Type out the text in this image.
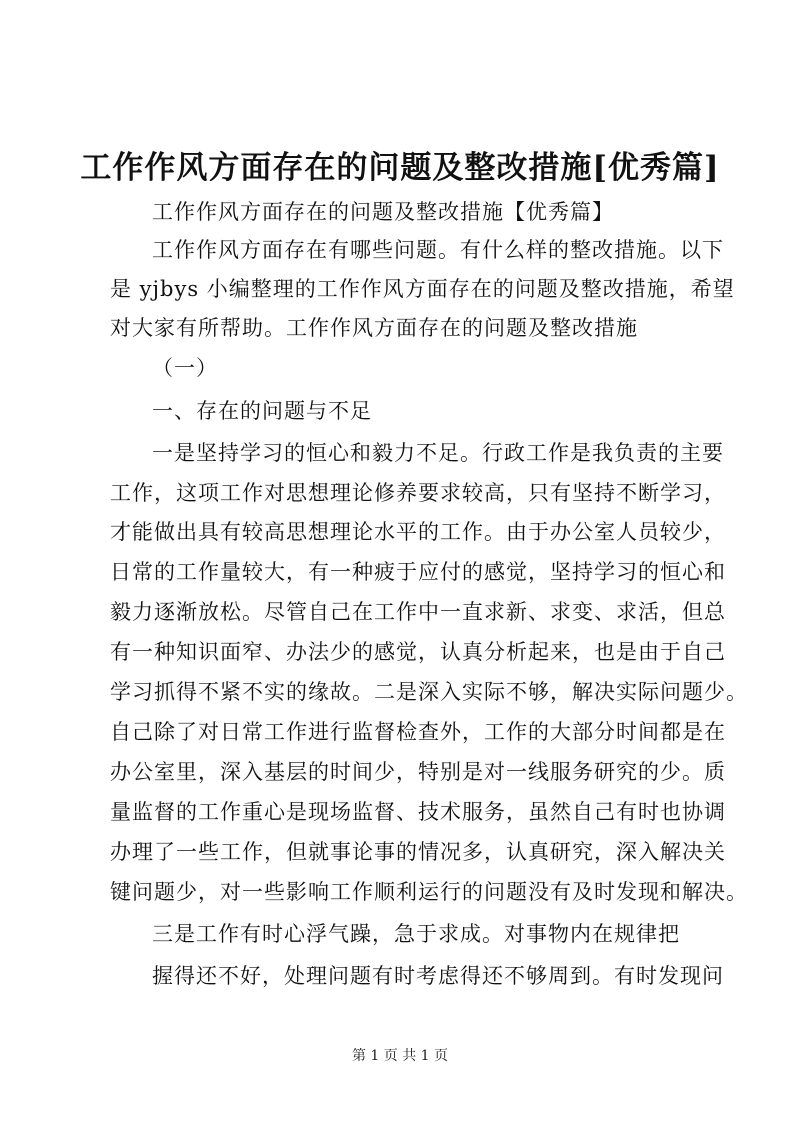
工作作风方面存在的问题及整改措施[优秀篇]

工作作风方面存在的问题及整改措施【优秀篇】

工作作风方面存在有哪些问题。有什么样的整改措施。以下

是 yjbys 小编整理的工作作风方面存在的问题及整改措施，希望

对大家有所帮助。工作作风方面存在的问题及整改措施

（一）

一、存在的问题与不足

一是坚持学习的恒心和毅力不足。行政工作是我负责的主要

工作，这项工作对思想理论修养要求较高，只有坚持不断学习，

才能做出具有较高思想理论水平的工作。由于办公室人员较少，

日常的工作量较大，有一种疲于应付的感觉，坚持学习的恒心和

毅力逐渐放松。尽管自己在工作中一直求新、求变、求活，但总

有一种知识面窄、办法少的感觉，认真分析起来，也是由于自己

学习抓得不紧不实的缘故。二是深入实际不够，解决实际问题少。

自己除了对日常工作进行监督检查外，工作的大部分时间都是在

办公室里，深入基层的时间少，特别是对一线服务研究的少。质

量监督的工作重心是现场监督、技术服务，虽然自己有时也协调

办理了一些工作，但就事论事的情况多，认真研究，深入解决关

键问题少，对一些影响工作顺利运行的问题没有及时发现和解决。

三是工作有时心浮气躁，急于求成。对事物内在规律把

握得还不好，处理问题有时考虑得还不够周到。有时发现问

第 1 页 共 1 页
